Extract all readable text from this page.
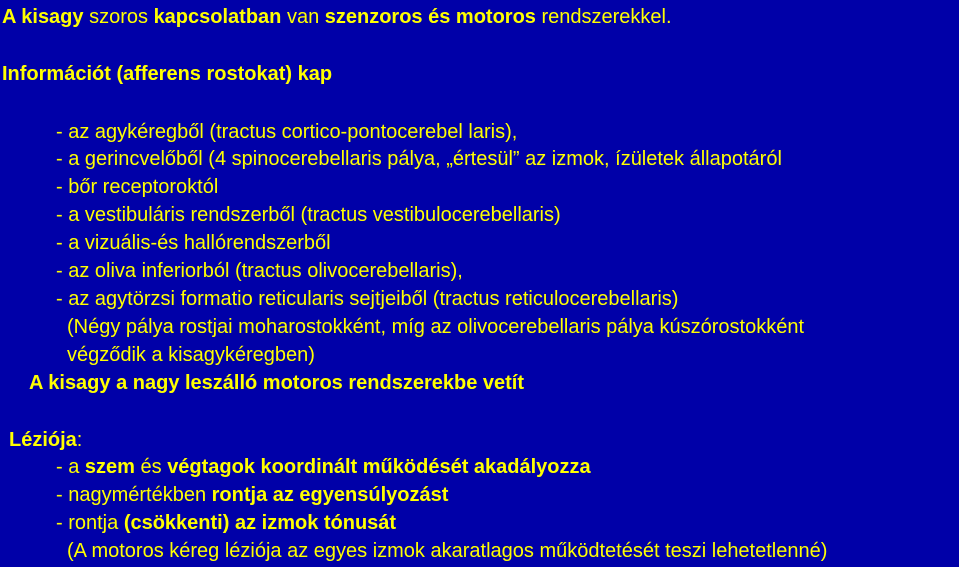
A kisagy szoros kapcsolatban van szenzoros és motoros rendszerekkel.
Információt (afferens rostokat) kap
- az agykéregből (tractus cortico-pontocerebel laris),
- a gerincvelőből (4 spinocerebellaris pálya, „értesül” az izmok, ízületek állapotáról
- bőr receptoroktól
- a vestibuláris rendszerből (tractus vestibulocerebellaris)
- a vizuális-és hallórendszerből
- az oliva inferiorból (tractus olivocerebellaris),
- az agytörzsi formatio reticularis sejtjeiből (tractus reticulocerebellaris)
(Négy pálya rostjai moharostokként, míg az olivocerebellaris pálya kúszórostokként
végződik a kisagykéregben)
A kisagy a nagy leszálló motoros rendszerekbe vetít
Léziója:
- a szem és végtagok koordinált működését akadályozza
- nagymértékben rontja az egyensúlyozást
- rontja (csökkenti) az izmok tónusát
(A motoros kéreg léziója az egyes izmok akaratlagos működtetését teszi lehetetlenné)
